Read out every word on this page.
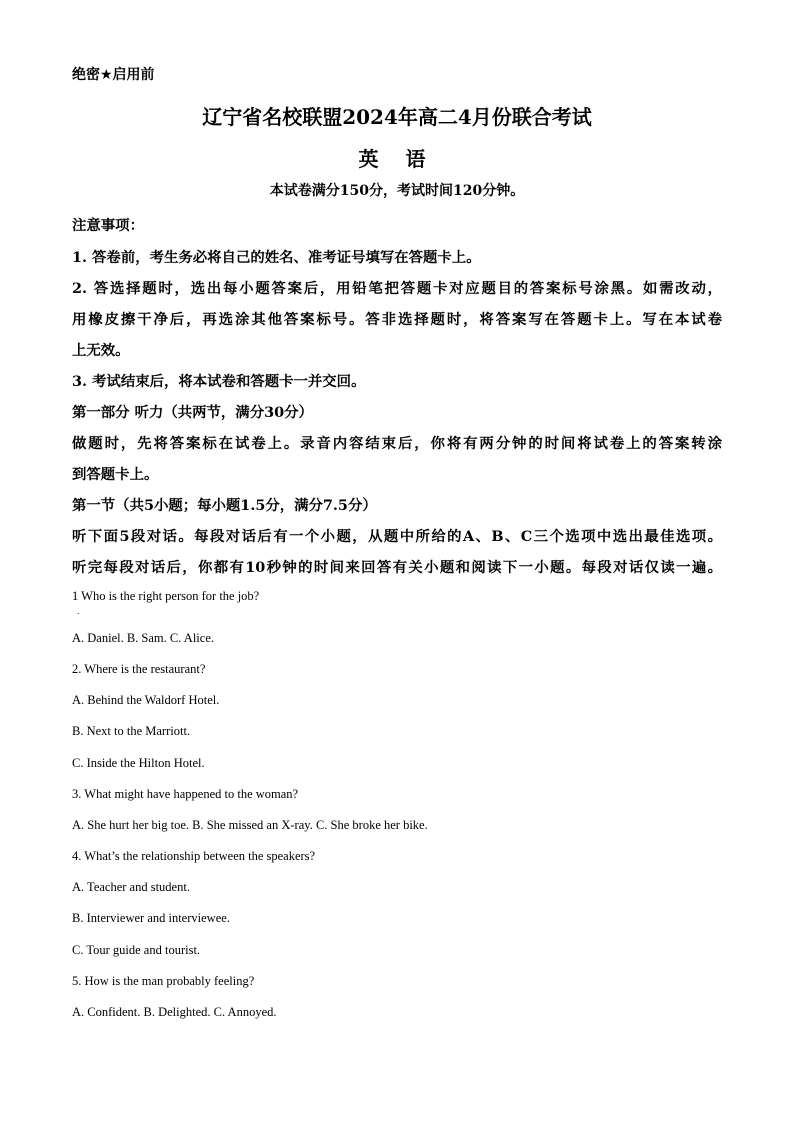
绝密★启用前
辽宁省名校联盟2024年高二4月份联合考试
英 语
本试卷满分150分，考试时间120分钟。
注意事项：
1. 答卷前，考生务必将自己的姓名、准考证号填写在答题卡上。
2. 答选择题时，选出每小题答案后，用铅笔把答题卡对应题目的答案标号涂黑。如需改动，
用橡皮擦干净后，再选涂其他答案标号。答非选择题时，将答案写在答题卡上。写在本试卷
上无效。
3. 考试结束后，将本试卷和答题卡一并交回。
第一部分 听力（共两节，满分30分）
做题时，先将答案标在试卷上。录音内容结束后，你将有两分钟的时间将试卷上的答案转涂
到答题卡上。
第一节（共5小题；每小题1.5分，满分7.5分）
听下面5段对话。每段对话后有一个小题，从题中所给的A、B、C三个选项中选出最佳选项。
听完每段对话后，你都有10秒钟的时间来回答有关小题和阅读下一小题。每段对话仅读一遍。
1 Who is the right person for the job?
．
A. Daniel. B. Sam. C. Alice.
2. Where is the restaurant?
A. Behind the Waldorf Hotel.
B. Next to the Marriott.
C. Inside the Hilton Hotel.
3. What might have happened to the woman?
A. She hurt her big toe. B. She missed an X-ray. C. She broke her bike.
4. What’s the relationship between the speakers?
A. Teacher and student.
B. Interviewer and interviewee.
C. Tour guide and tourist.
5. How is the man probably feeling?
A. Confident. B. Delighted. C. Annoyed.
